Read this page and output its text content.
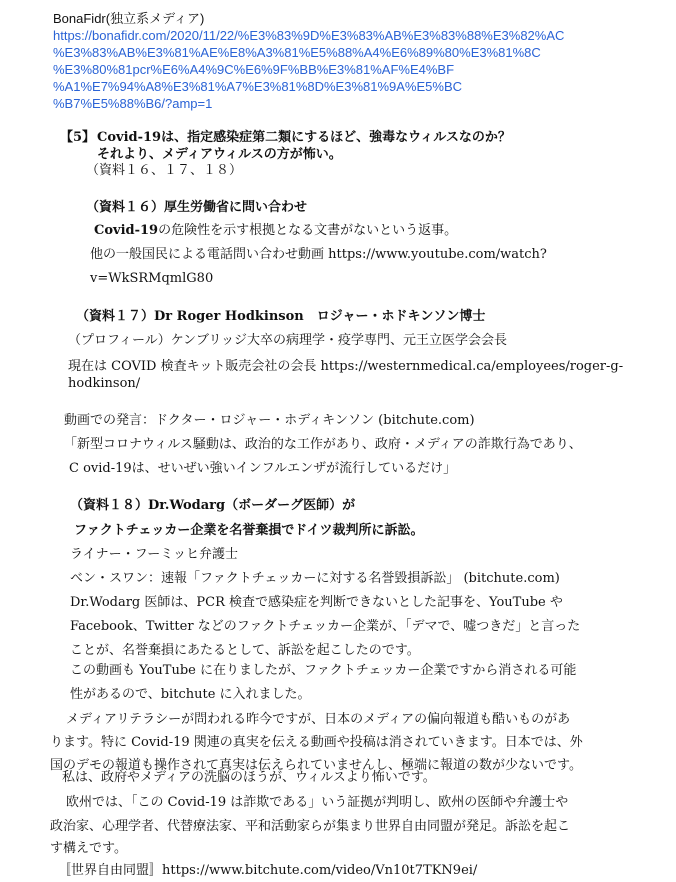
BonaFidr(独立系メディア)
https://bonafidr.com/2020/11/22/%E3%83%9D%E3%83%AB%E3%83%88%E3%82%AC
%E3%83%AB%E3%81%AE%E8%A3%81%E5%88%A4%E6%89%80%E3%81%8C
%E3%80%81pcr%E6%A4%9C%E6%9F%BB%E3%81%AF%E4%BF
%A1%E7%94%A8%E3%81%A7%E3%81%8D%E3%81%9A%E5%BC
%B7%E5%88%B6/?amp=1
【5】 Covid-19は、指定感染症第二類にするほど、強毒なウィルスなのか？
それより、メディアウィルスの方が怖い。
（資料１６、１７、１８）
（資料１６）厚生労働省に問い合わせ
Covid-19の危険性を示す根拠となる文書がないという返事。
他の一般国民による電話問い合わせ動画 https://www.youtube.com/watch?
v=WkSRMqmlG80
（資料１７）Dr Roger Hodkinson　ロジャー・ホドキンソン博士
（プロフィール）ケンブリッジ大卒の病理学・疫学専門、元王立医学会会長
現在は COVID 検査キット販売会社の会長 https://westernmedical.ca/employees/roger-g-
hodkinson/
動画での発言：ドクター・ロジャー・ホディキンソン (bitchute.com)
「新型コロナウィルス騒動は、政治的な工作があり、政府・メディアの詐欺行為であり、
C ovid-19は、せいぜい強いインフルエンザが流行しているだけ」
（資料１８）Dr.Wodarg（ボーダーグ医師）が
ファクトチェッカー企業を名誉棄損でドイツ裁判所に訴訟。
ライナー・フーミッヒ弁護士
ベン・スワン：速報「ファクトチェッカーに対する名誉毀損訴訟」 (bitchute.com)
Dr.Wodarg 医師は、PCR 検査で感染症を判断できないとした記事を、YouTube や
Facebook、Twitter などのファクトチェッカー企業が、「デマで、嘘つきだ」と言った
ことが、名誉棄損にあたるとして、訴訟を起こしたのです。
この動画も YouTube に在りましたが、ファクトチェッカー企業ですから消される可能
性があるので、bitchute に入れました。
メディアリテラシーが問われる昨今ですが、日本のメディアの偏向報道も酷いものがあ
ります。特に Covid-19 関連の真実を伝える動画や投稿は消されていきます。日本では、外
国のデモの報道も操作されて真実は伝えられていませんし、極端に報道の数が少ないです。
私は、政府やメディアの洗脳のほうが、ウィルスより怖いです。
欧州では、「この Covid-19 は詐欺である」いう証拠が判明し、欧州の医師や弁護士や
政治家、心理学者、代替療法家、平和活動家らが集まり世界自由同盟が発足。訴訟を起こ
す構えです。
〚世界自由同盟〛https://www.bitchute.com/video/Vn10t7TKN9ei/
